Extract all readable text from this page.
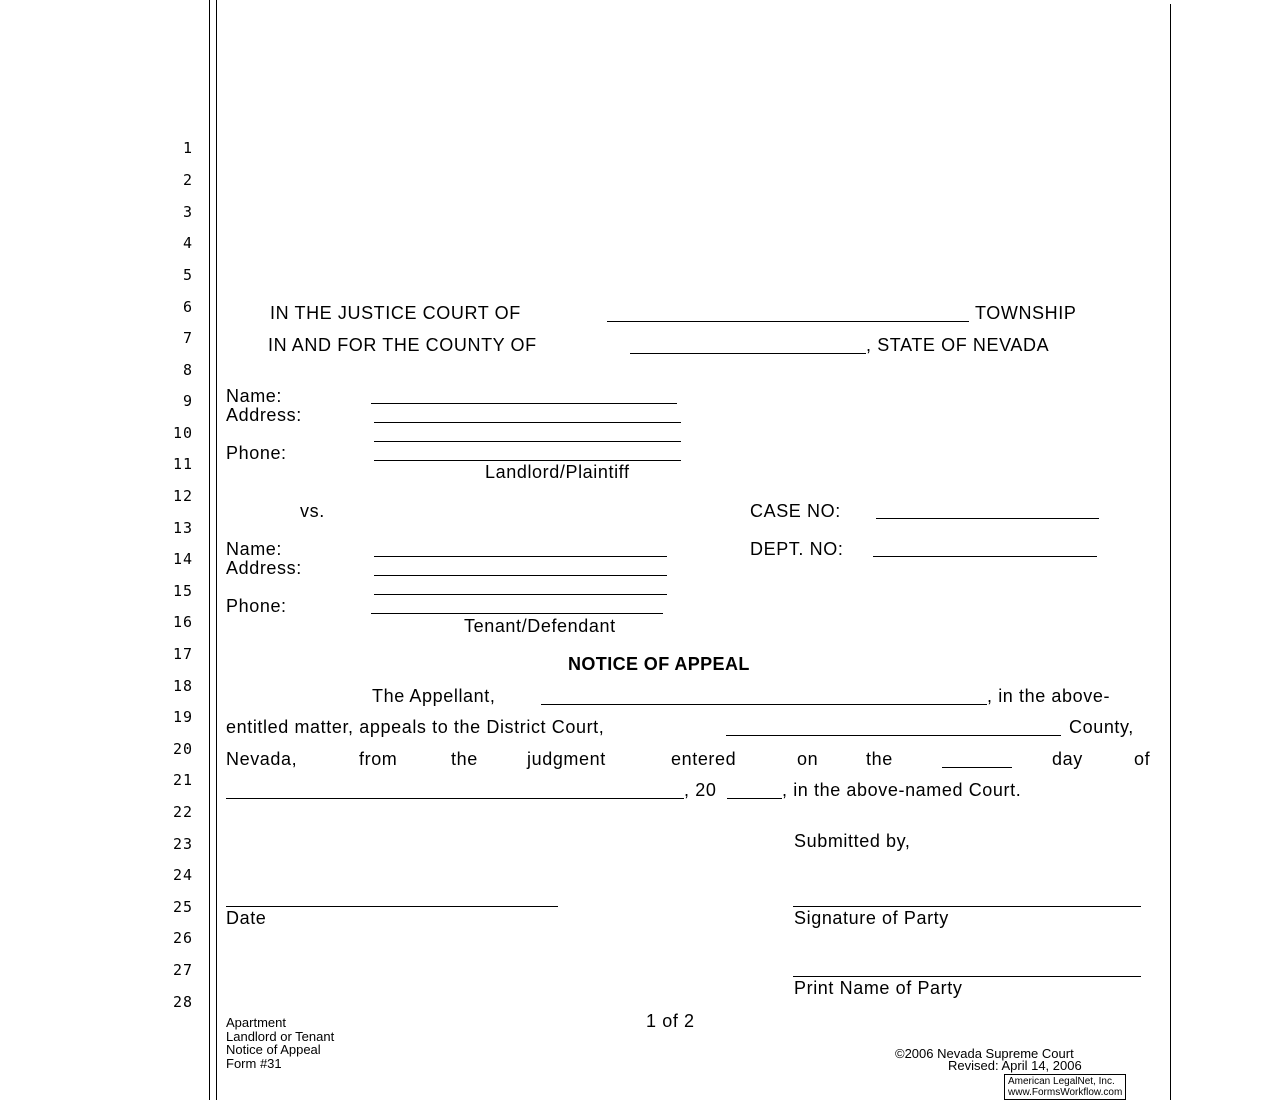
1
2
3
4
5
6
7
8
9
10
11
12
13
14
15
16
17
18
19
20
21
22
23
24
25
26
27
28
IN THE JUSTICE COURT OF	TOWNSHIP
IN AND FOR THE COUNTY OF	, STATE OF NEVADA
Name:
Address:
Phone:
Landlord/Plaintiff
vs.	CASE NO:
DEPT. NO:
Name:
Address:
Phone:
Tenant/Defendant
NOTICE OF APPEAL
The Appellant,	, in the above-
entitled matter, appeals to the District Court,	County,
Nevada,	from	the	judgment	entered	on	the	day	of
, 20	, in the above-named Court.
Submitted by,
Date	Signature of Party
Print Name of Party
1 of 2
Apartment
Landlord or Tenant
Notice of Appeal
Form #31
©2006 Nevada Supreme Court
Revised: April 14, 2006
American LegalNet, Inc.
www.FormsWorkflow.com
